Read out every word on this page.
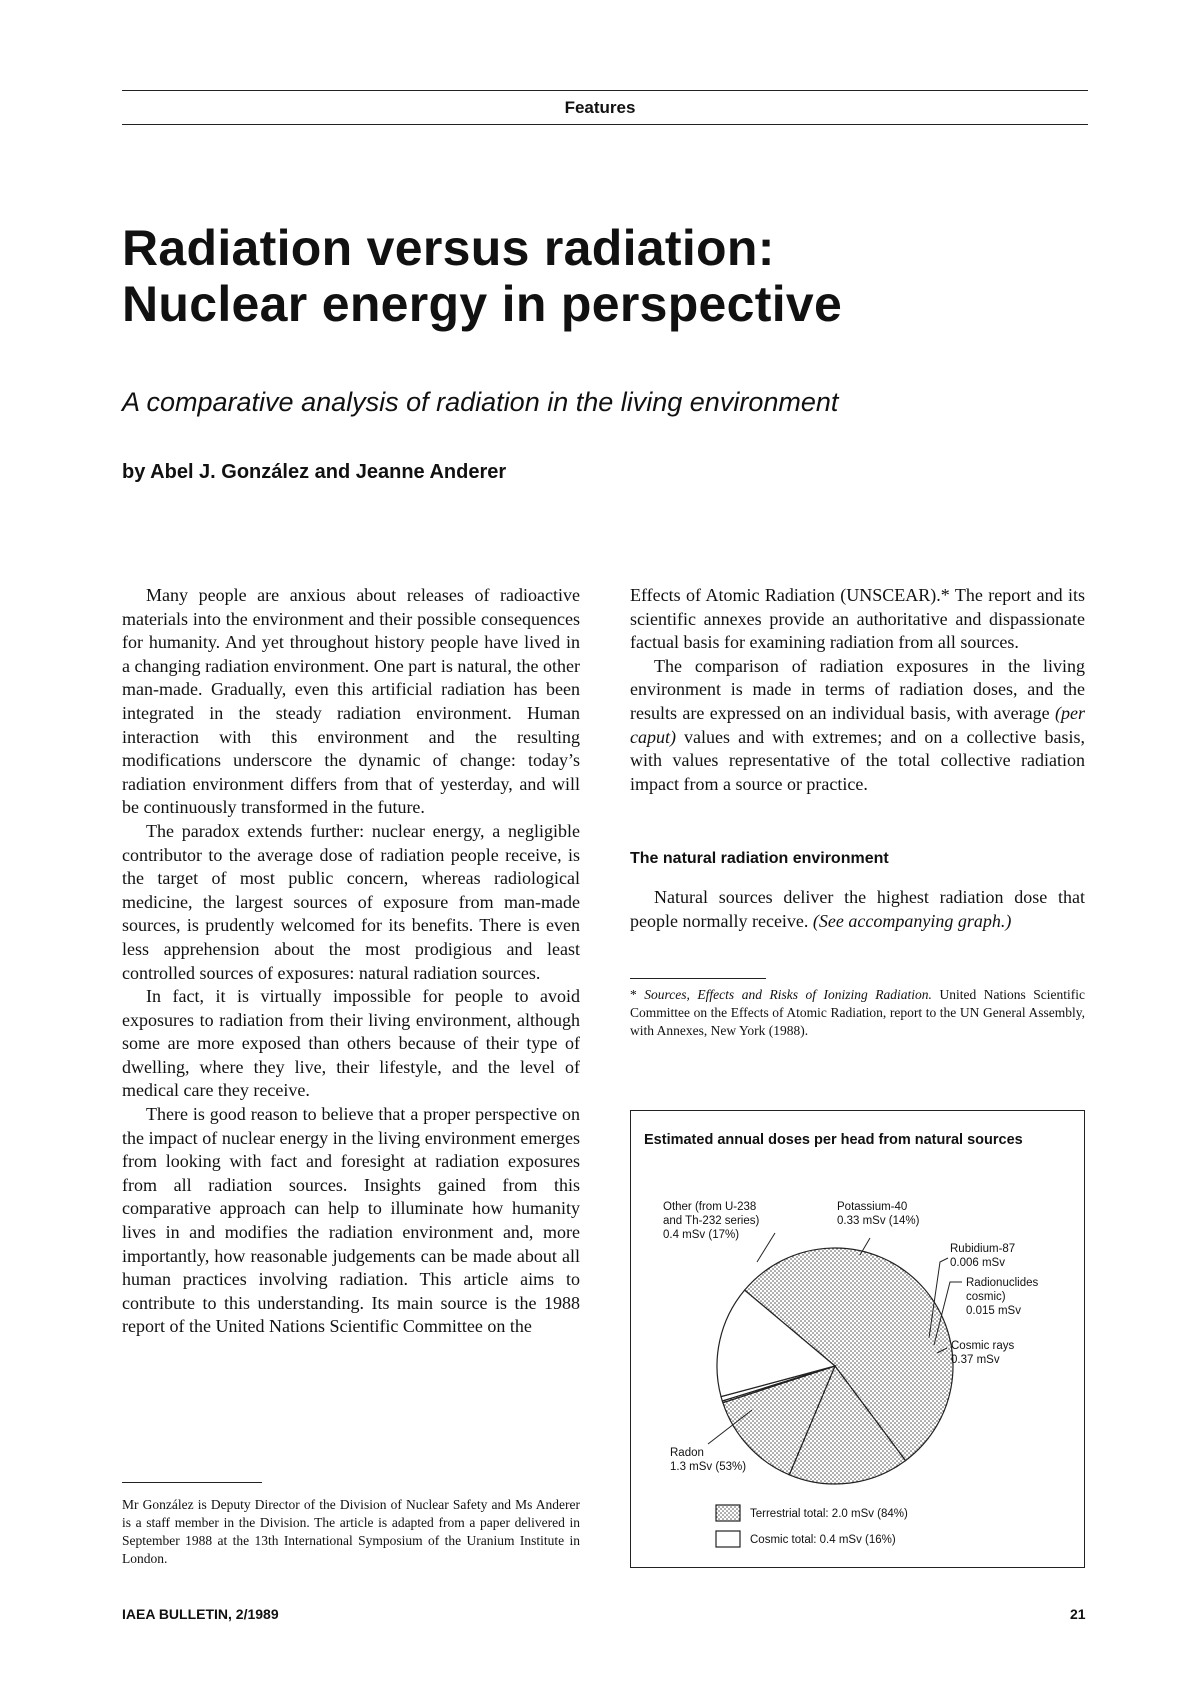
Features
Radiation versus radiation:
Nuclear energy in perspective
A comparative analysis of radiation in the living environment
by Abel J. González and Jeanne Anderer

Many people are anxious about releases of radioactive materials into the environment and their possible consequences for humanity. And yet throughout history people have lived in a changing radiation environment. One part is natural, the other man-made. Gradually, even this artificial radiation has been integrated in the steady radiation environment. Human interaction with this environment and the resulting modifications underscore the dynamic of change: today’s radiation environment differs from that of yesterday, and will be continuously transformed in the future.

The paradox extends further: nuclear energy, a negligible contributor to the average dose of radiation people receive, is the target of most public concern, whereas radiological medicine, the largest sources of exposure from man-made sources, is prudently welcomed for its benefits. There is even less apprehension about the most prodigious and least controlled sources of exposures: natural radiation sources.

In fact, it is virtually impossible for people to avoid exposures to radiation from their living environment, although some are more exposed than others because of their type of dwelling, where they live, their lifestyle, and the level of medical care they receive.

There is good reason to believe that a proper perspective on the impact of nuclear energy in the living environment emerges from looking with fact and foresight at radiation exposures from all radiation sources. Insights gained from this comparative approach can help to illuminate how humanity lives in and modifies the radiation environment and, more importantly, how reasonable judgements can be made about all human practices involving radiation. This article aims to contribute to this understanding. Its main source is the 1988 report of the United Nations Scientific Committee on the

Mr González is Deputy Director of the Division of Nuclear Safety and Ms Anderer is a staff member in the Division. The article is adapted from a paper delivered in September 1988 at the 13th International Symposium of the Uranium Institute in London.

Effects of Atomic Radiation (UNSCEAR).* The report and its scientific annexes provide an authoritative and dispassionate factual basis for examining radiation from all sources.

The comparison of radiation exposures in the living environment is made in terms of radiation doses, and the results are expressed on an individual basis, with average (per caput) values and with extremes; and on a collective basis, with values representative of the total collective radiation impact from a source or practice.

The natural radiation environment

Natural sources deliver the highest radiation dose that people normally receive. (See accompanying graph.)

* Sources, Effects and Risks of Ionizing Radiation. United Nations Scientific Committee on the Effects of Atomic Radiation, report to the UN General Assembly, with Annexes, New York (1988).
Estimated annual doses per head from natural sources
Other (from U-238
and Th-232 series)
0.4 mSv (17%)
Potassium-40
0.33 mSv (14%)
Rubidium-87
0.006 mSv
Radionuclides
cosmic)
0.015 mSv
Cosmic rays
0.37 mSv
Radon
1.3 mSv (53%)
Terrestrial total: 2.0 mSv (84%)
Cosmic total: 0.4 mSv (16%)
IAEA BULLETIN, 2/1989	21
